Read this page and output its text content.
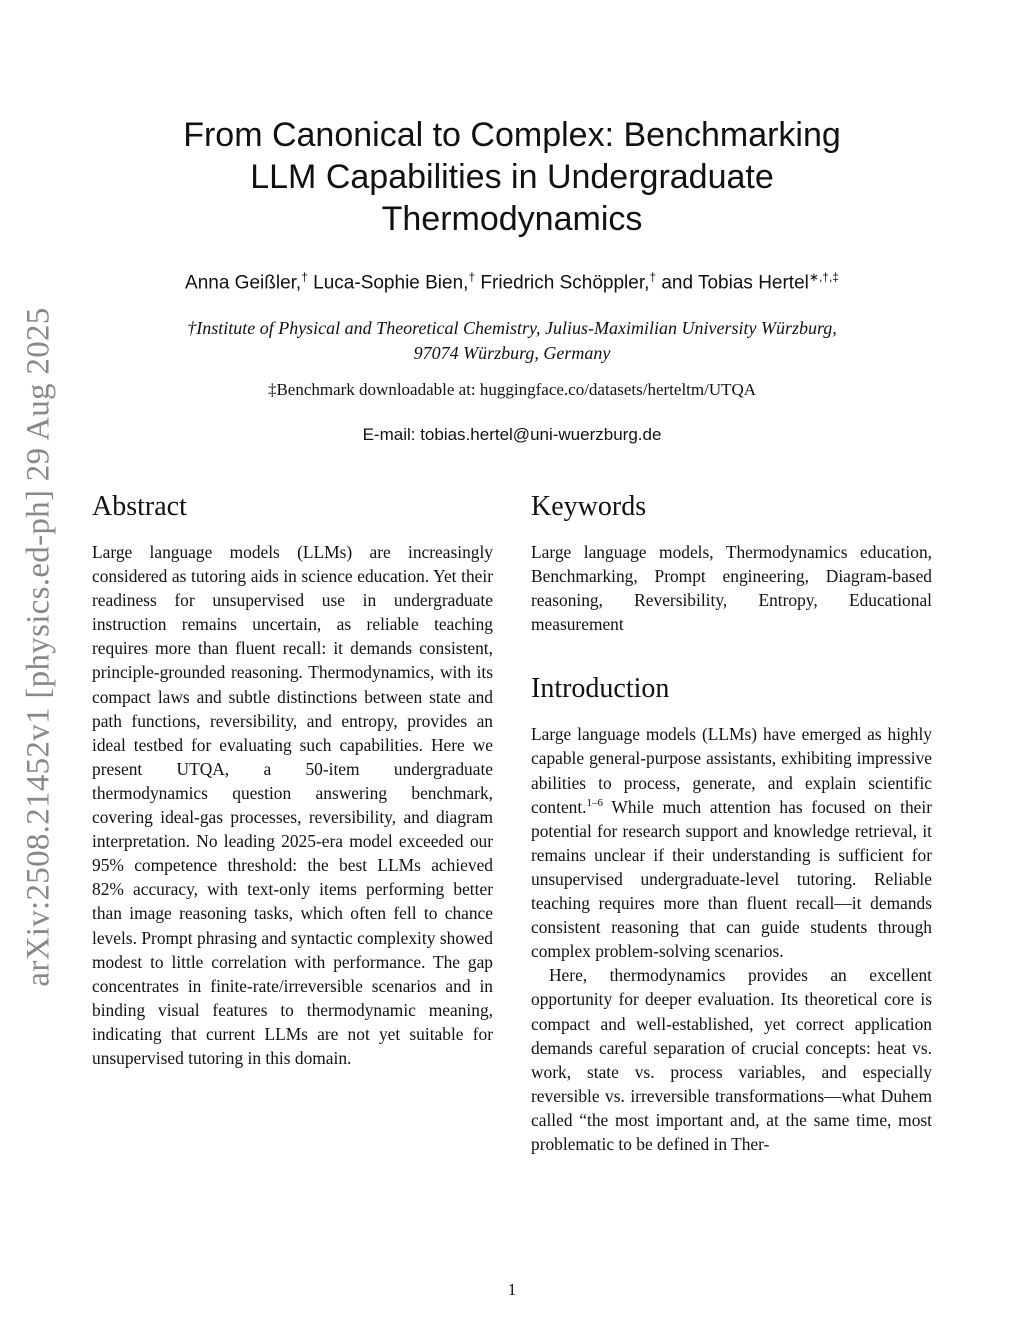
arXiv:2508.21452v1 [physics.ed-ph] 29 Aug 2025
From Canonical to Complex: Benchmarking
LLM Capabilities in Undergraduate
Thermodynamics
Anna Geißler,† Luca-Sophie Bien,† Friedrich Schöppler,† and Tobias Hertel∗,†,‡
†Institute of Physical and Theoretical Chemistry, Julius-Maximilian University Würzburg,
97074 Würzburg, Germany
‡Benchmark downloadable at: huggingface.co/datasets/herteltm/UTQA
E-mail: tobias.hertel@uni-wuerzburg.de
Abstract

Large language models (LLMs) are increasingly considered as tutoring aids in science education. Yet their readiness for unsupervised use in undergraduate instruction remains uncertain, as reliable teaching requires more than fluent recall: it demands consistent, principle-grounded reasoning. Thermodynamics, with its compact laws and subtle distinctions between state and path functions, reversibility, and entropy, provides an ideal testbed for evaluating such capabilities. Here we present UTQA, a 50-item undergraduate thermodynamics question answering benchmark, covering ideal-gas processes, reversibility, and diagram interpretation. No leading 2025-era model exceeded our 95% competence threshold: the best LLMs achieved 82% accuracy, with text-only items performing better than image reasoning tasks, which often fell to chance levels. Prompt phrasing and syntactic complexity showed modest to little correlation with performance. The gap concentrates in finite-rate/irreversible scenarios and in binding visual features to thermodynamic meaning, indicating that current LLMs are not yet suitable for unsupervised tutoring in this domain.

Keywords

Large language models, Thermodynamics education, Benchmarking, Prompt engineering, Diagram-based reasoning, Reversibility, Entropy, Educational measurement

Introduction

Large language models (LLMs) have emerged as highly capable general-purpose assistants, exhibiting impressive abilities to process, generate, and explain scientific content.$^{1-6}$ While much attention has focused on their potential for research support and knowledge retrieval, it remains unclear if their understanding is sufficient for unsupervised undergraduate-level tutoring. Reliable teaching requires more than fluent recall—it demands consistent reasoning that can guide students through complex problem-solving scenarios.

Here, thermodynamics provides an excellent opportunity for deeper evaluation. Its theoretical core is compact and well-established, yet correct application demands careful separation of crucial concepts: heat vs. work, state vs. process variables, and especially reversible vs. irreversible transformations—what Duhem called “the most important and, at the same time, most problematic to be defined in Ther-

1
